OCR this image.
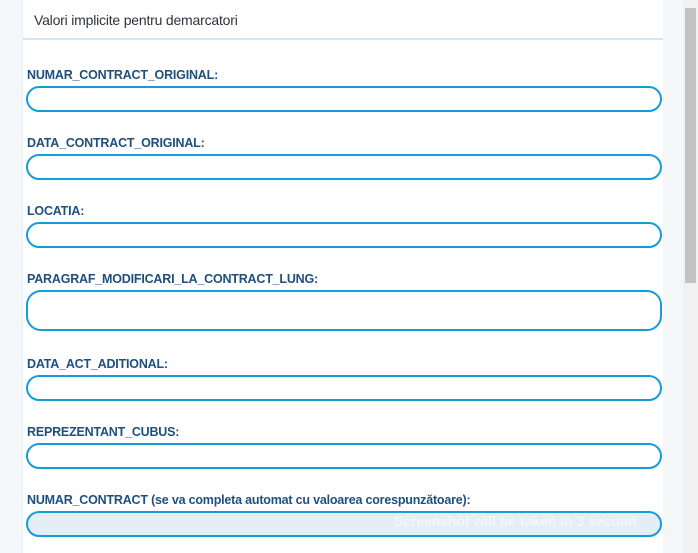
Valori implicite pentru demarcatori
NUMAR_CONTRACT_ORIGINAL:
DATA_CONTRACT_ORIGINAL:
LOCATIA:
PARAGRAF_MODIFICARI_LA_CONTRACT_LUNG:
DATA_ACT_ADITIONAL:
REPREZENTANT_CUBUS:
NUMAR_CONTRACT (se va completa automat cu valoarea corespunzătoare):
Screenshot will be taken in 3 second
